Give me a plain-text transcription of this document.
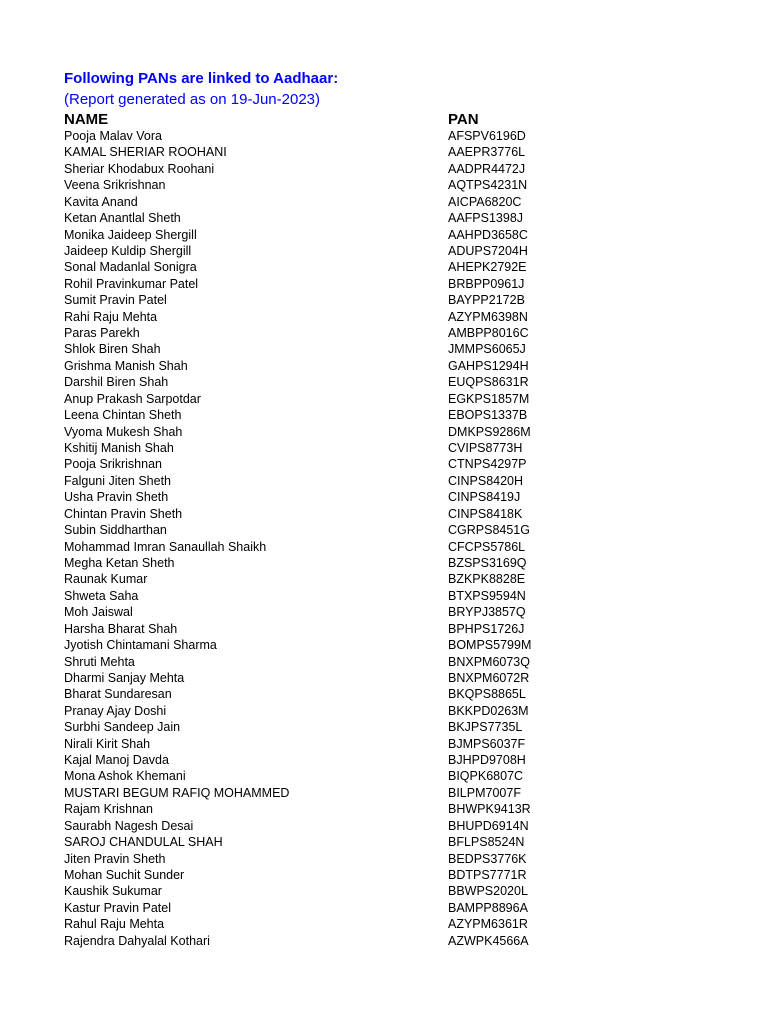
Following PANs are linked to Aadhaar:
(Report generated as on 19-Jun-2023)
NAME	PAN
Pooja Malav Vora	AFSPV6196D
KAMAL SHERIAR ROOHANI	AAEPR3776L
Sheriar Khodabux Roohani	AADPR4472J
Veena Srikrishnan	AQTPS4231N
Kavita Anand	AICPA6820C
Ketan Anantlal Sheth	AAFPS1398J
Monika Jaideep Shergill	AAHPD3658C
Jaideep Kuldip Shergill	ADUPS7204H
Sonal Madanlal Sonigra	AHEPK2792E
Rohil Pravinkumar Patel	BRBPP0961J
Sumit Pravin Patel	BAYPP2172B
Rahi Raju Mehta	AZYPM6398N
Paras Parekh	AMBPP8016C
Shlok Biren Shah	JMMPS6065J
Grishma Manish Shah	GAHPS1294H
Darshil Biren Shah	EUQPS8631R
Anup Prakash Sarpotdar	EGKPS1857M
Leena Chintan Sheth	EBOPS1337B
Vyoma Mukesh Shah	DMKPS9286M
Kshitij Manish Shah	CVIPS8773H
Pooja Srikrishnan	CTNPS4297P
Falguni Jiten Sheth	CINPS8420H
Usha Pravin Sheth	CINPS8419J
Chintan Pravin Sheth	CINPS8418K
Subin Siddharthan	CGRPS8451G
Mohammad Imran Sanaullah Shaikh	CFCPS5786L
Megha Ketan Sheth	BZSPS3169Q
Raunak Kumar	BZKPK8828E
Shweta Saha	BTXPS9594N
Moh Jaiswal	BRYPJ3857Q
Harsha Bharat Shah	BPHPS1726J
Jyotish Chintamani Sharma	BOMPS5799M
Shruti Mehta	BNXPM6073Q
Dharmi Sanjay Mehta	BNXPM6072R
Bharat Sundaresan	BKQPS8865L
Pranay Ajay Doshi	BKKPD0263M
Surbhi Sandeep Jain	BKJPS7735L
Nirali Kirit Shah	BJMPS6037F
Kajal Manoj Davda	BJHPD9708H
Mona Ashok Khemani	BIQPK6807C
MUSTARI BEGUM RAFIQ MOHAMMED	BILPM7007F
Rajam Krishnan	BHWPK9413R
Saurabh Nagesh Desai	BHUPD6914N
SAROJ CHANDULAL SHAH	BFLPS8524N
Jiten Pravin Sheth	BEDPS3776K
Mohan Suchit Sunder	BDTPS7771R
Kaushik Sukumar	BBWPS2020L
Kastur Pravin Patel	BAMPP8896A
Rahul Raju Mehta	AZYPM6361R
Rajendra Dahyalal Kothari	AZWPK4566A
